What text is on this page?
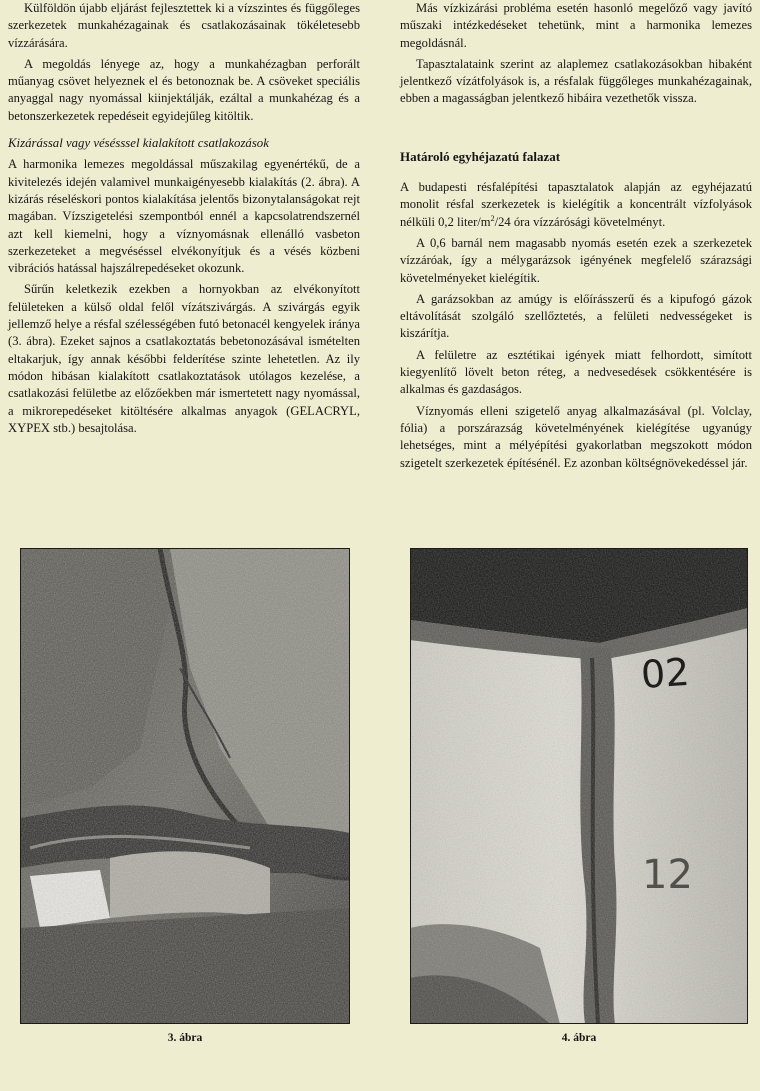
Külföldön újabb eljárást fejlesztettek ki a vízszintes és függőleges szerkezetek munkahézagainak és csatlakozásainak tökéletesebb vízzárására.

A megoldás lényege az, hogy a munkahézagban perforált műanyag csövet helyeznek el és betonoznak be. A csöveket speciális anyaggal nagy nyomással kiinjektálják, ezáltal a munkahézag és a betonszerkezetek repedéseit egyidejűleg kitöltik.

Kizárással vagy vésésssel kialakított csatlakozások

A harmonika lemezes megoldással műszakilag egyenértékű, de a kivitelezés idején valamivel munkaigényesebb kialakítás (2. ábra). A kizárás réseléskori pontos kialakítása jelentős bizonytalanságokat rejt magában. Vízszigetelési szempontból ennél a kapcsolatrendszernél azt kell kiemelni, hogy a víznyomásnak ellenálló vasbeton szerkezeteket a megvéséssel elvékonyítjuk és a vésés közbeni vibrációs hatással hajszálrepedéseket okozunk.

Sűrűn keletkezik ezekben a hornyokban az elvékonyított felületeken a külső oldal felől vízátszivárgás. A szivárgás egyik jellemző helye a résfal szélességében futó betonacél kengyelek iránya (3. ábra). Ezeket sajnos a csatlakoztatás bebetonozásával ismételten eltakarjuk, így annak későbbi felderítése szinte lehetetlen. Az ily módon hibásan kialakított csatlakoztatások utólagos kezelése, a csatlakozási felületbe az előzőekben már ismertetett nagy nyomással, a mikrorepedéseket kitöltésére alkalmas anyagok (GELACRYL, XYPEX stb.) besajtolása.

Más vízkizárási probléma esetén hasonló megelőző vagy javító műszaki intézkedéseket tehetünk, mint a harmonika lemezes megoldásnál.

Tapasztalataink szerint az alaplemez csatlakozásokban hibaként jelentkező vízátfolyások is, a résfalak függőleges munkahézagainak, ebben a magasságban jelentkező hibáira vezethetők vissza.

Határoló egyhéjazatú falazat

A budapesti résfalépítési tapasztalatok alapján az egyhéjazatú monolit résfal szerkezetek is kielégítik a koncentrált vízfolyások nélküli 0,2 liter/$m^2/24$ óra vízzárósági követelményt.

A 0,6 barnál nem magasabb nyomás esetén ezek a szerkezetek vízzáróak, így a mélygarázsok igényének megfelelő szárazsági követelményeket kielégítik.

A garázsokban az amúgy is előírásszerű és a kipufogó gázok eltávolítását szolgáló szellőztetés, a felületi nedvességeket is kiszárítja.

A felületre az esztétikai igények miatt felhordott, simított kiegyenlítő lövelt beton réteg, a nedvesedések csökkentésére is alkalmas és gazdaságos.

Víznyomás elleni szigetelő anyag alkalmazásával (pl. Volclay, fólia) a porszárazság követelményének kielégítése ugyanúgy lehetséges, mint a mélyépítési gyakorlatban megszokott módon szigetelt szerkezetek építésénél. Ez azonban költségnövekedéssel jár.

3. ábra
02
12
4. ábra
